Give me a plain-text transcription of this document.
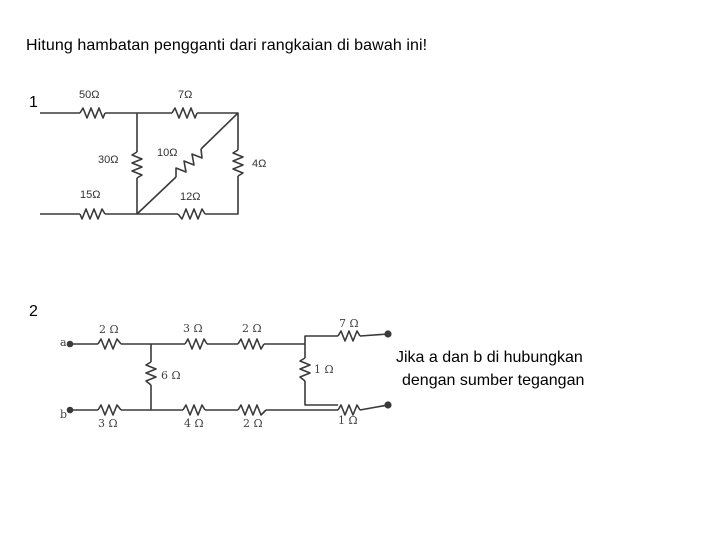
Hitung hambatan pengganti dari rangkaian di bawah ini!
1	50Ω	7Ω
30Ω
10Ω
4Ω
15Ω	12Ω
2
a
b
2 Ω	3 Ω	2 Ω	7 Ω
6 Ω	1 Ω
3 Ω	4 Ω	2 Ω	1 Ω
Jika a dan b di hubungkan
dengan sumber tegangan
